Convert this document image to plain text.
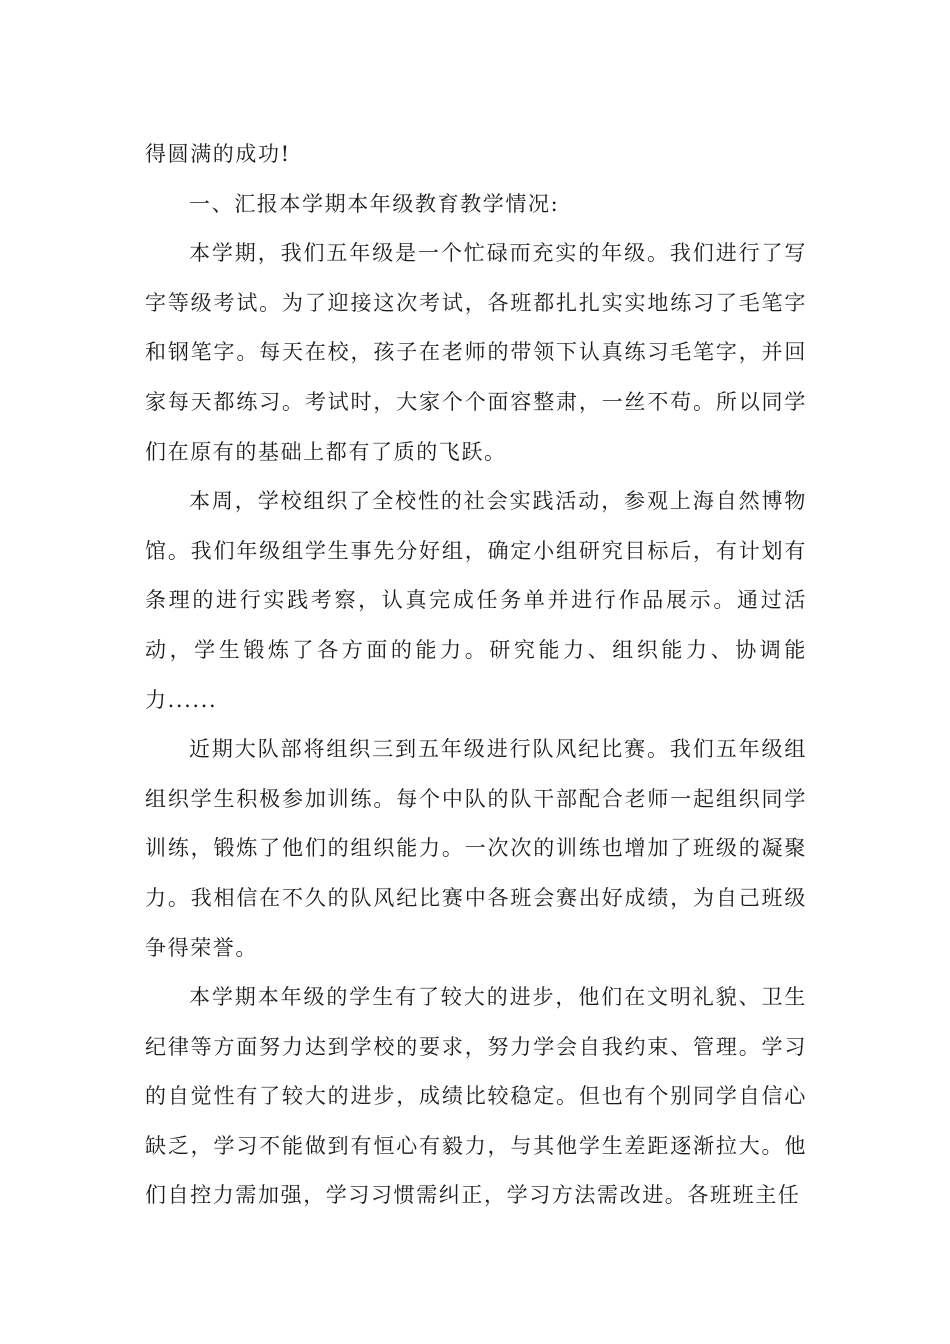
得圆满的成功!

一、汇报本学期本年级教育教学情况:

本学期，我们五年级是一个忙碌而充实的年级。我们进行了写字等级考试。为了迎接这次考试，各班都扎扎实实地练习了毛笔字和钢笔字。每天在校，孩子在老师的带领下认真练习毛笔字，并回家每天都练习。考试时，大家个个面容整肃，一丝不苟。所以同学们在原有的基础上都有了质的飞跃。

本周，学校组织了全校性的社会实践活动，参观上海自然博物馆。我们年级组学生事先分好组，确定小组研究目标后，有计划有条理的进行实践考察，认真完成任务单并进行作品展示。通过活动，学生锻炼了各方面的能力。研究能力、组织能力、协调能力......

近期大队部将组织三到五年级进行队风纪比赛。我们五年级组组织学生积极参加训练。每个中队的队干部配合老师一起组织同学训练，锻炼了他们的组织能力。一次次的训练也增加了班级的凝聚力。我相信在不久的队风纪比赛中各班会赛出好成绩，为自己班级争得荣誉。

本学期本年级的学生有了较大的进步，他们在文明礼貌、卫生纪律等方面努力达到学校的要求，努力学会自我约束、管理。学习的自觉性有了较大的进步，成绩比较稳定。但也有个别同学自信心缺乏，学习不能做到有恒心有毅力，与其他学生差距逐渐拉大。他们自控力需加强，学习习惯需纠正，学习方法需改进。各班班主任
